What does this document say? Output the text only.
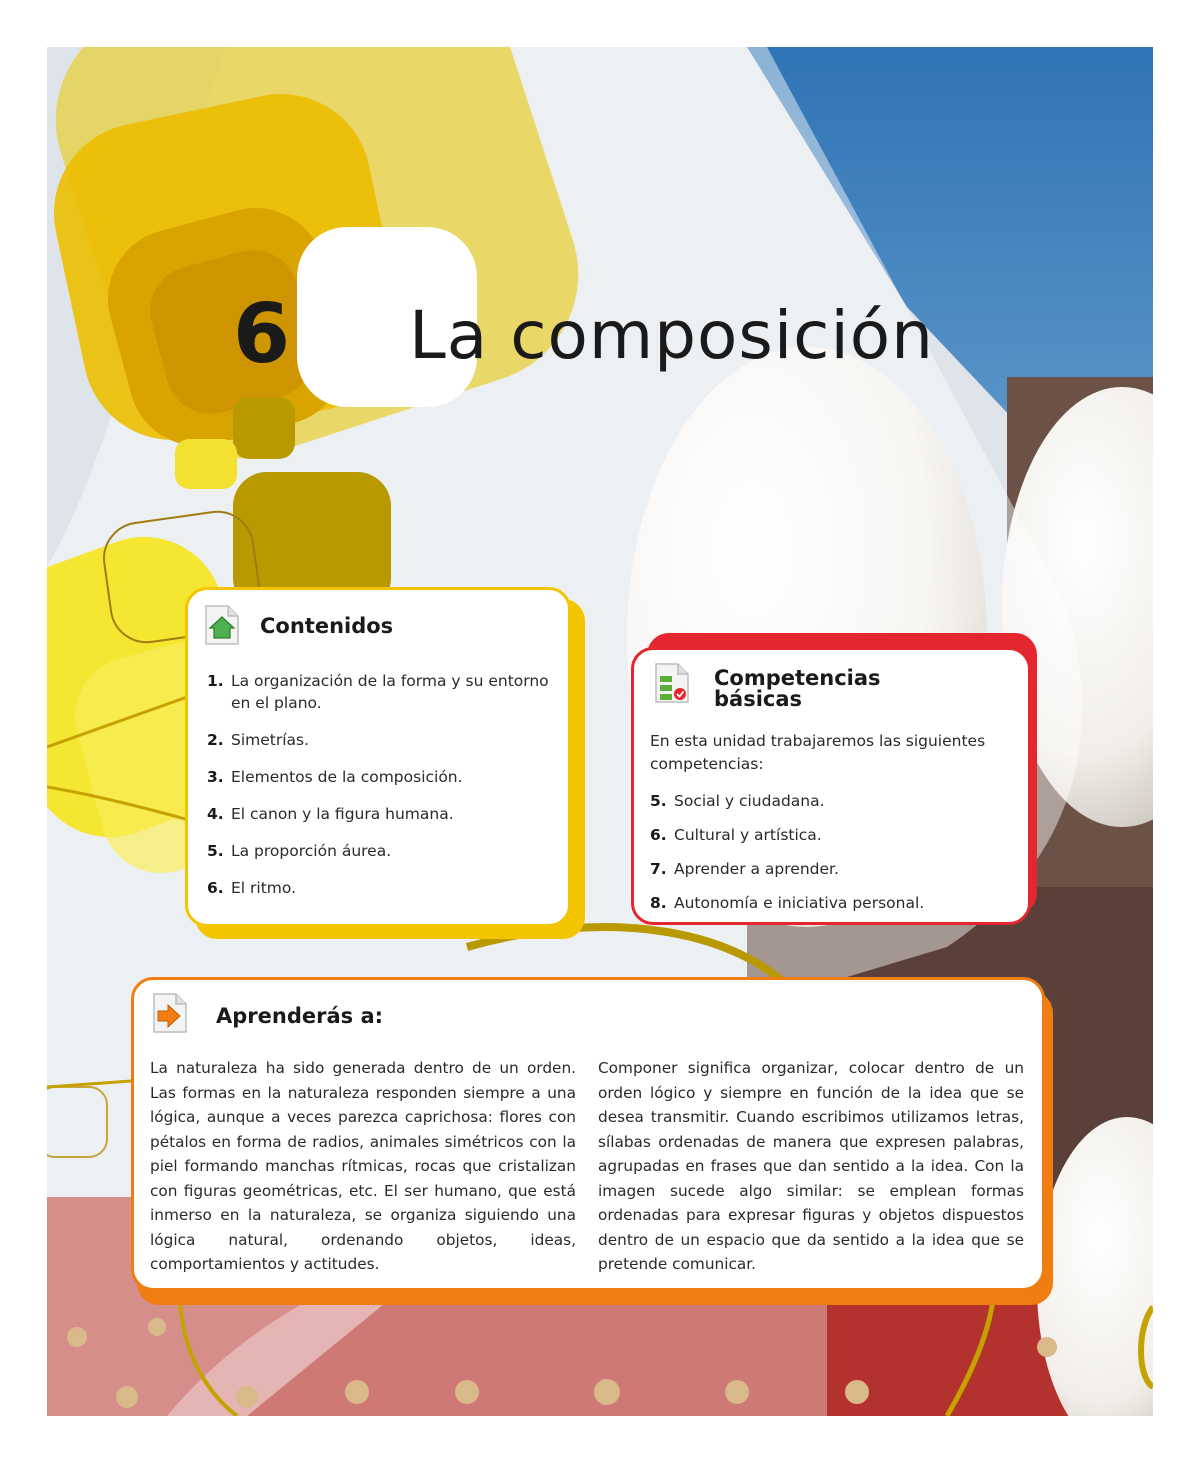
6 La composición
Contenidos
1. La organización de la forma y su entorno en el plano.
2. Simetrías.
3. Elementos de la composición.
4. El canon y la figura humana.
5. La proporción áurea.
6. El ritmo.
Competencias
básicas
En esta unidad trabajaremos las siguientes competencias:
5. Social y ciudadana.
6. Cultural y artística.
7. Aprender a aprender.
8. Autonomía e iniciativa personal.
Aprenderás a:
La naturaleza ha sido generada dentro de un orden. Las formas en la naturaleza responden siempre a una lógica, aunque a veces parezca caprichosa: flores con pétalos en forma de radios, animales simétricos con la piel formando manchas rítmicas, rocas que cristalizan con figuras geométricas, etc. El ser humano, que está inmerso en la naturaleza, se organiza siguiendo una lógica natural, ordenando objetos, ideas, comportamientos y actitudes.
Componer significa organizar, colocar dentro de un orden lógico y siempre en función de la idea que se desea transmitir. Cuando escribimos utilizamos letras, sílabas ordenadas de manera que expresen palabras, agrupadas en frases que dan sentido a la idea. Con la imagen sucede algo similar: se emplean formas ordenadas para expresar figuras y objetos dispuestos dentro de un espacio que da sentido a la idea que se pretende comunicar.
